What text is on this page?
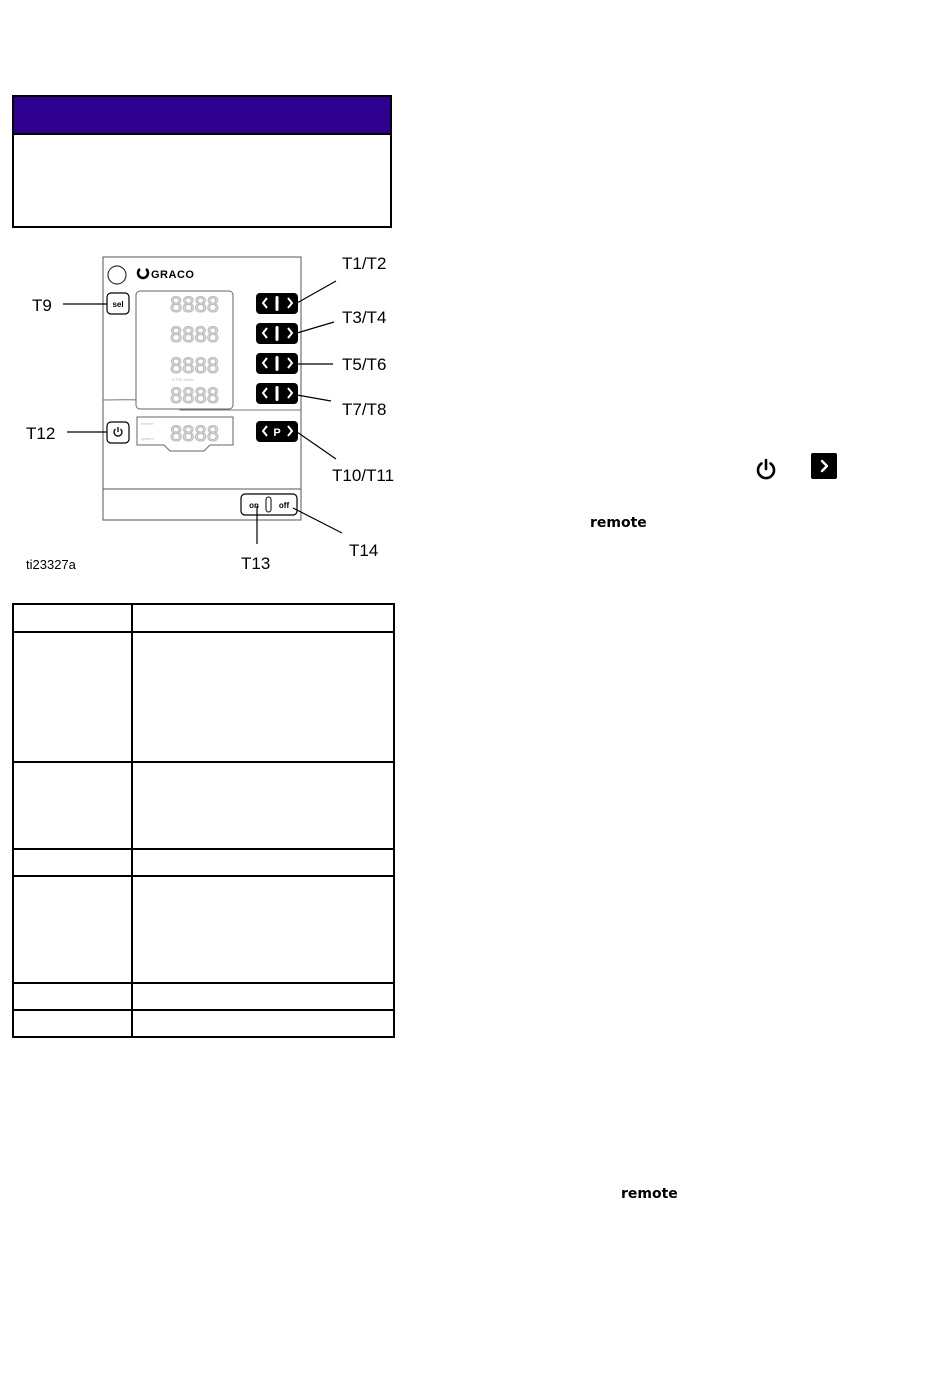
GRACO
sel 8888
8888
8888
8888
R PSI Mode
P
8888
remote
system
on	off
T1/T2
T3/T4
T5/T6
T7/T8
T10/T11
T9
T12
T13
T14
ti23327a

remote
remote
